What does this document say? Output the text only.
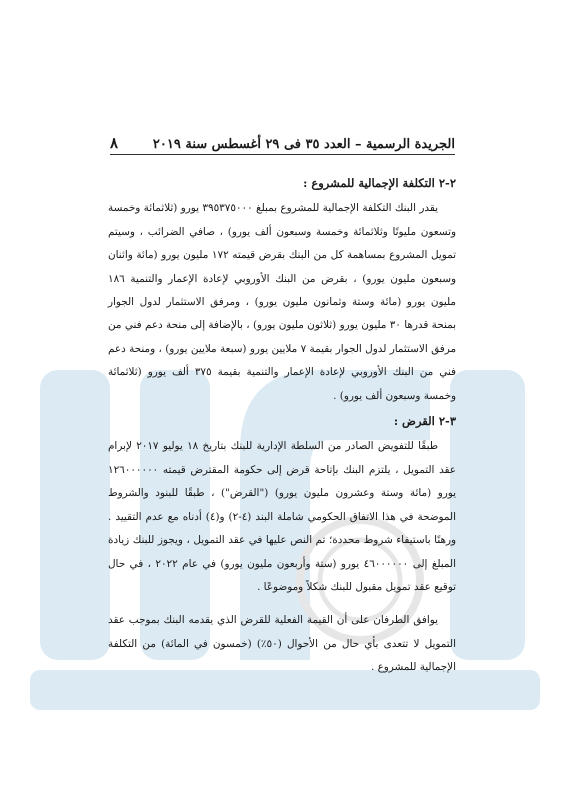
٨	الجريدة الرسمية – العدد ٣٥ فى ٢٩ أغسطس سنة ٢٠١٩

٢-٢ التكلفة الإجمالية للمشروع :

يقدر البنك التكلفة الإجمالية للمشروع بمبلغ ٣٩٥٣٧٥٠٠٠ يورو (ثلاثمائة وخمسة وتسعون مليونًا وثلاثمائة وخمسة وسبعون ألف يورو) ، صافي الضرائب ، وسيتم تمويل المشروع بمساهمة كل من البنك بقرض قيمته ١٧٢ مليون يورو (مائة واثنان وسبعون مليون يورو) ، بقرض من البنك الأوروبي لإعادة الإعمار والتنمية ١٨٦ مليون يورو (مائة وستة وثمانون مليون يورو) ، ومرفق الاستثمار لدول الجوار بمنحة قدرها ٣٠ مليون يورو (ثلاثون مليون يورو) ، بالإضافة إلى منحة دعم فني من مرفق الاستثمار لدول الجوار بقيمة ٧ ملايين يورو (سبعة ملايين يورو) ، ومنحة دعم فني من البنك الأوروبي لإعادة الإعمار والتنمية بقيمة ٣٧٥ ألف يورو (ثلاثمائة وخمسة وسبعون ألف يورو) .

٣-٢ القرض :

طبقًا للتفويض الصادر من السلطة الإدارية للبنك بتاريخ ١٨ يوليو ٢٠١٧ لإبرام عقد التمويل ، يلتزم البنك بإتاحة قرض إلى حكومة المقترض قيمته ١٢٦٠٠٠٠٠٠ يورو (مائة وستة وعشرون مليون يورو) ("القرض") ، طبقًا للبنود والشروط الموضحة في هذا الاتفاق الحكومي شاملة البند (٤-٢) و(٤) أدناه مع عدم التقييد . ورهنًا باستيفاء شروط محددة؛ تم النص عليها في عقد التمويل ، ويجوز للبنك زيادة المبلغ إلى ٤٦٠٠٠٠٠٠ يورو (ستة وأربعون مليون يورو) في عام ٢٠٢٢ ، في حال توقيع عقد تمويل مقبول للبنك شكلاً وموضوعًا .

يوافق الطرفان على أن القيمة الفعلية للقرض الذي يقدمه البنك بموجب عقد التمويل لا تتعدى بأي حال من الأحوال (٥٠٪) (خمسون في المائة) من التكلفة الإجمالية للمشروع .
